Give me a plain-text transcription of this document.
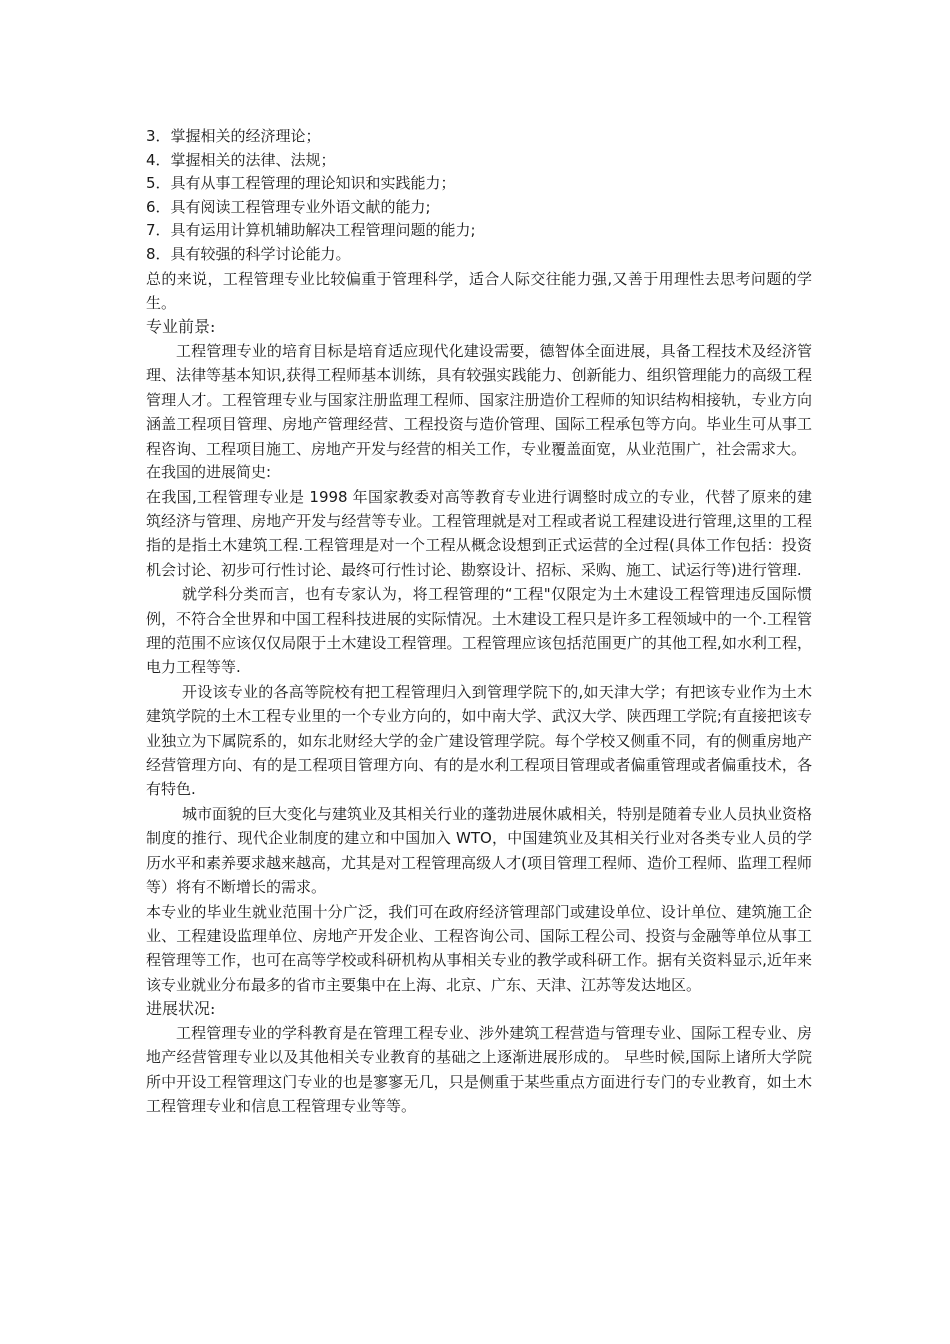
3．掌握相关的经济理论；

4．掌握相关的法律、法规；

5．具有从事工程管理的理论知识和实践能力；

6．具有阅读工程管理专业外语文献的能力;

7．具有运用计算机辅助解决工程管理问题的能力;

8．具有较强的科学讨论能力。

总的来说，工程管理专业比较偏重于管理科学，适合人际交往能力强,又善于用理性去思考问题的学生。

专业前景:

工程管理专业的培育目标是培育适应现代化建设需要，德智体全面进展，具备工程技术及经济管理、法律等基本知识,获得工程师基本训练，具有较强实践能力、创新能力、组织管理能力的高级工程管理人才。工程管理专业与国家注册监理工程师、国家注册造价工程师的知识结构相接轨，专业方向涵盖工程项目管理、房地产管理经营、工程投资与造价管理、国际工程承包等方向。毕业生可从事工程咨询、工程项目施工、房地产开发与经营的相关工作，专业覆盖面宽，从业范围广，社会需求大。

在我国的进展简史:

在我国,工程管理专业是 1998 年国家教委对高等教育专业进行调整时成立的专业，代替了原来的建筑经济与管理、房地产开发与经营等专业。工程管理就是对工程或者说工程建设进行管理,这里的工程指的是指土木建筑工程.工程管理是对一个工程从概念设想到正式运营的全过程(具体工作包括：投资机会讨论、初步可行性讨论、最终可行性讨论、勘察设计、招标、采购、施工、试运行等)进行管理.

就学科分类而言，也有专家认为，将工程管理的“工程"仅限定为土木建设工程管理违反国际惯例，不符合全世界和中国工程科技进展的实际情况。土木建设工程只是许多工程领域中的一个.工程管理的范围不应该仅仅局限于土木建设工程管理。工程管理应该包括范围更广的其他工程,如水利工程，电力工程等等.

开设该专业的各高等院校有把工程管理归入到管理学院下的,如天津大学；有把该专业作为土木建筑学院的土木工程专业里的一个专业方向的，如中南大学、武汉大学、陕西理工学院;有直接把该专业独立为下属院系的，如东北财经大学的金广建设管理学院。每个学校又侧重不同，有的侧重房地产经营管理方向、有的是工程项目管理方向、有的是水利工程项目管理或者偏重管理或者偏重技术，各有特色.

城市面貌的巨大变化与建筑业及其相关行业的蓬勃进展休戚相关，特别是随着专业人员执业资格制度的推行、现代企业制度的建立和中国加入 WTO，中国建筑业及其相关行业对各类专业人员的学历水平和素养要求越来越高，尤其是对工程管理高级人才(项目管理工程师、造价工程师、监理工程师等）将有不断增长的需求。

本专业的毕业生就业范围十分广泛，我们可在政府经济管理部门或建设单位、设计单位、建筑施工企业、工程建设监理单位、房地产开发企业、工程咨询公司、国际工程公司、投资与金融等单位从事工程管理等工作，也可在高等学校或科研机构从事相关专业的教学或科研工作。据有关资料显示,近年来该专业就业分布最多的省市主要集中在上海、北京、广东、天津、江苏等发达地区。

进展状况:

工程管理专业的学科教育是在管理工程专业、涉外建筑工程营造与管理专业、国际工程专业、房地产经营管理专业以及其他相关专业教育的基础之上逐渐进展形成的。 早些时候,国际上诸所大学院所中开设工程管理这门专业的也是寥寥无几，只是侧重于某些重点方面进行专门的专业教育，如土木工程管理专业和信息工程管理专业等等。
